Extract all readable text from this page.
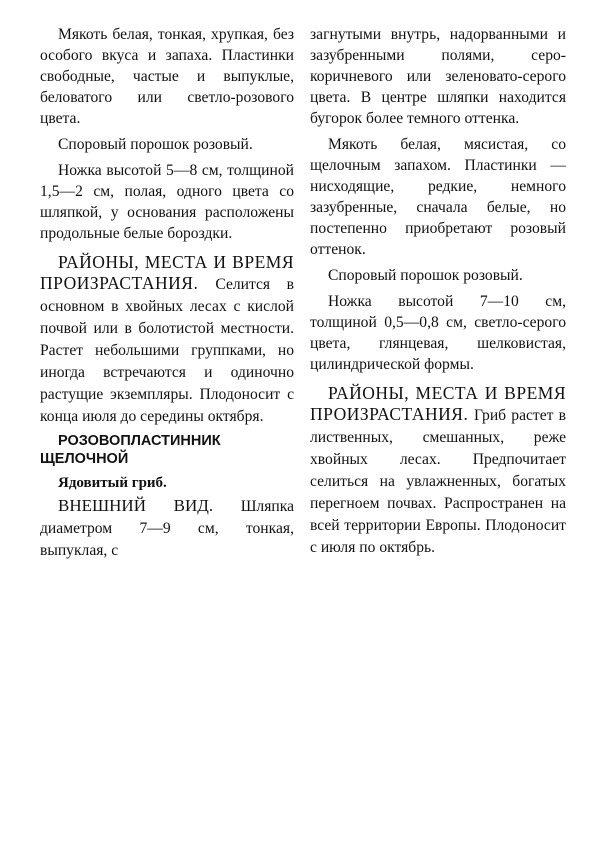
Мякоть белая, тонкая, хрупкая, без особого вкуса и запаха. Пластинки свободные, частые и выпуклые, беловатого или светло-розового цвета.

Споровый порошок розовый.

Ножка высотой 5—8 см, толщиной 1,5—2 см, полая, одного цвета со шляпкой, у основания расположены продольные белые бороздки.

РАЙОНЫ, МЕСТА И ВРЕМЯ ПРОИЗРАСТАНИЯ. Селится в основном в хвойных лесах с кислой почвой или в болотистой местности. Растет небольшими группками, но иногда встречаются и одиночно растущие экземпляры. Плодоносит с конца июля до середины октября.

РОЗОВОПЛАСТИННИК ЩЕЛОЧНОЙ

Ядовитый гриб.

ВНЕШНИЙ ВИД. Шляпка диаметром 7—9 см, тонкая, выпуклая, с

загнутыми внутрь, надорванными и зазубренными полями, серо-коричневого или зеленовато-серого цвета. В центре шляпки находится бугорок более темного оттенка.

Мякоть белая, мясистая, со щелочным запахом. Пластинки — нисходящие, редкие, немного зазубренные, сначала белые, но постепенно приобретают розовый оттенок.

Споровый порошок розовый.

Ножка высотой 7—10 см, толщиной 0,5—0,8 см, светло-серого цвета, глянцевая, шелковистая, цилиндрической формы.

РАЙОНЫ, МЕСТА И ВРЕМЯ ПРОИЗРАСТАНИЯ. Гриб растет в лиственных, смешанных, реже хвойных лесах. Предпочитает селиться на увлажненных, богатых перегноем почвах. Распространен на всей территории Европы. Плодоносит с июля по октябрь.
